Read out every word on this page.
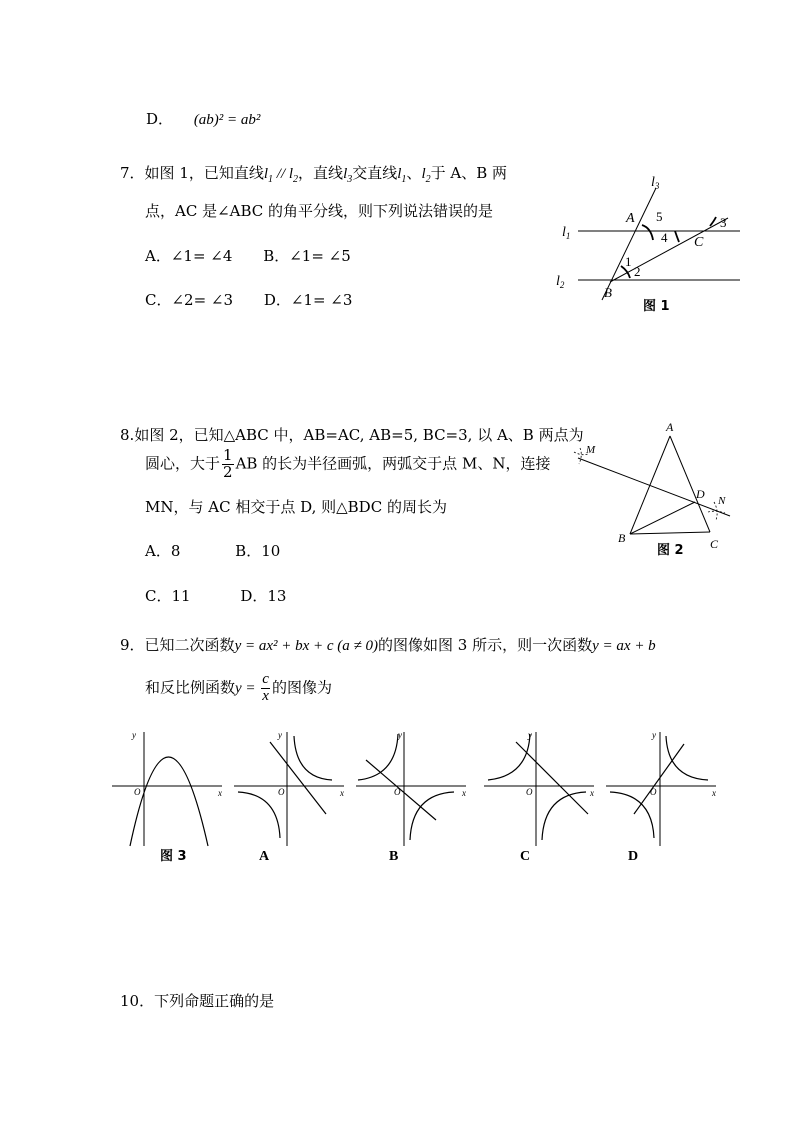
D． (ab)² = ab²
7．如图 1，已知直线$l_1 // l_2$，直线$l_3$交直线$l_1$、$l_2$于 A、B 两
点，AC 是∠ABC 的角平分线，则下列说法错误的是
A．∠1= ∠4 B．∠1= ∠5
C．∠2= ∠3 D．∠1= ∠3
$l_3$
$l_1$
$l_2$
A
B
C
1
2
3
4
5
图 1
8.如图 2，已知△ABC 中，AB=AC, AB=5, BC=3, 以 A、B 两点为
圆心，大于 $\frac{1}{2}$ AB 的长为半径画弧，两弧交于点 M、N，连接
MN，与 AC 相交于点 D, 则△BDC 的周长为
A．8	B．10
C．11	D．13
A
B	C
D
M
N
图 2
9．已知二次函数y = ax² + bx + c (a ≠ 0)的图像如图 3 所示，则一次函数y = ax + b
和反比例函数$y = \frac{c}{x}$ 的图像为
y
x
O
图 3
y
x
O
A
y
x
O
B
y
x
O
C
y
x
O
D
10．下列命题正确的是
